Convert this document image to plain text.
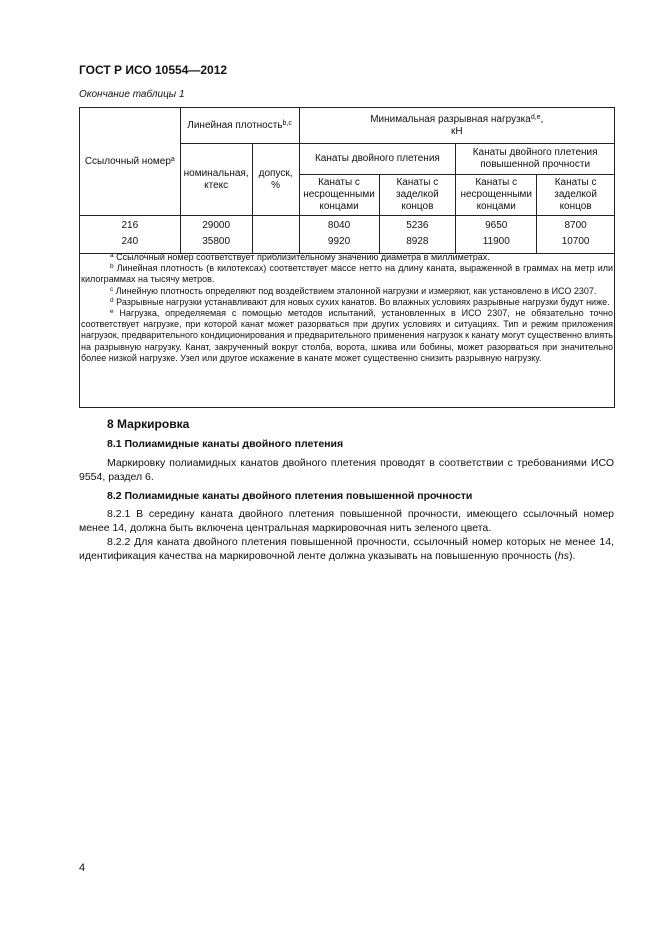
ГОСТ Р ИСО 10554—2012
Окончание таблицы 1
Ссылочный номер$^a$	Линейная плотность$^{b,c}$		Минимальная разрывная нагрузка$^{d,e}$,
кН			
	номинальная, ктекс	допуск, %	Канаты двойного плетения		Канаты двойного плетения повышенной прочности	
			Канаты с несрощенными концами	Канаты с заделкой концов	Канаты с несрощенными концами	Канаты с заделкой концов
216	29000		8040	5236	9650	8700
240	35800		9920	8928	11900	10700

$^a$ Ссылочный номер соответствует приблизительному значению диаметра в миллиметрах.

$^b$ Линейная плотность (в килотексах) соответствует массе нетто на длину каната, выраженной в граммах на метр или килограммах на тысячу метров.

$^c$ Линейную плотность определяют под воздействием эталонной нагрузки и измеряют, как установлено в ИСО 2307.

$^d$ Разрывные нагрузки устанавливают для новых сухих канатов. Во влажных условиях разрывные нагрузки будут ниже.

$^e$ Нагрузка, определяемая с помощью методов испытаний, установленных в ИСО 2307, не обязательно точно соответствует нагрузке, при которой канат может разорваться при других условиях и ситуациях. Тип и режим приложения нагрузок, предварительного кондиционирования и предварительного применения нагрузок к канату могут существенно влиять на разрывную нагрузку. Канат, закрученный вокруг столба, ворота, шкива или бобины, может разорваться при значительно более низкой нагрузке. Узел или другое искажение в канате может существенно снизить разрывную нагрузку.

8 Маркировка
8.1 Полиамидные канаты двойного плетения

Маркировку полиамидных канатов двойного плетения проводят в соответствии с требованиями ИСО 9554, раздел 6.

8.2 Полиамидные канаты двойного плетения повышенной прочности

8.2.1 В середину каната двойного плетения повышенной прочности, имеющего ссылочный номер менее 14, должна быть включена центральная маркировочная нить зеленого цвета.

8.2.2 Для каната двойного плетения повышенной прочности, ссылочный номер которых не менее 14, идентификация качества на маркировочной ленте должна указывать на повышенную прочность (hs).

4
